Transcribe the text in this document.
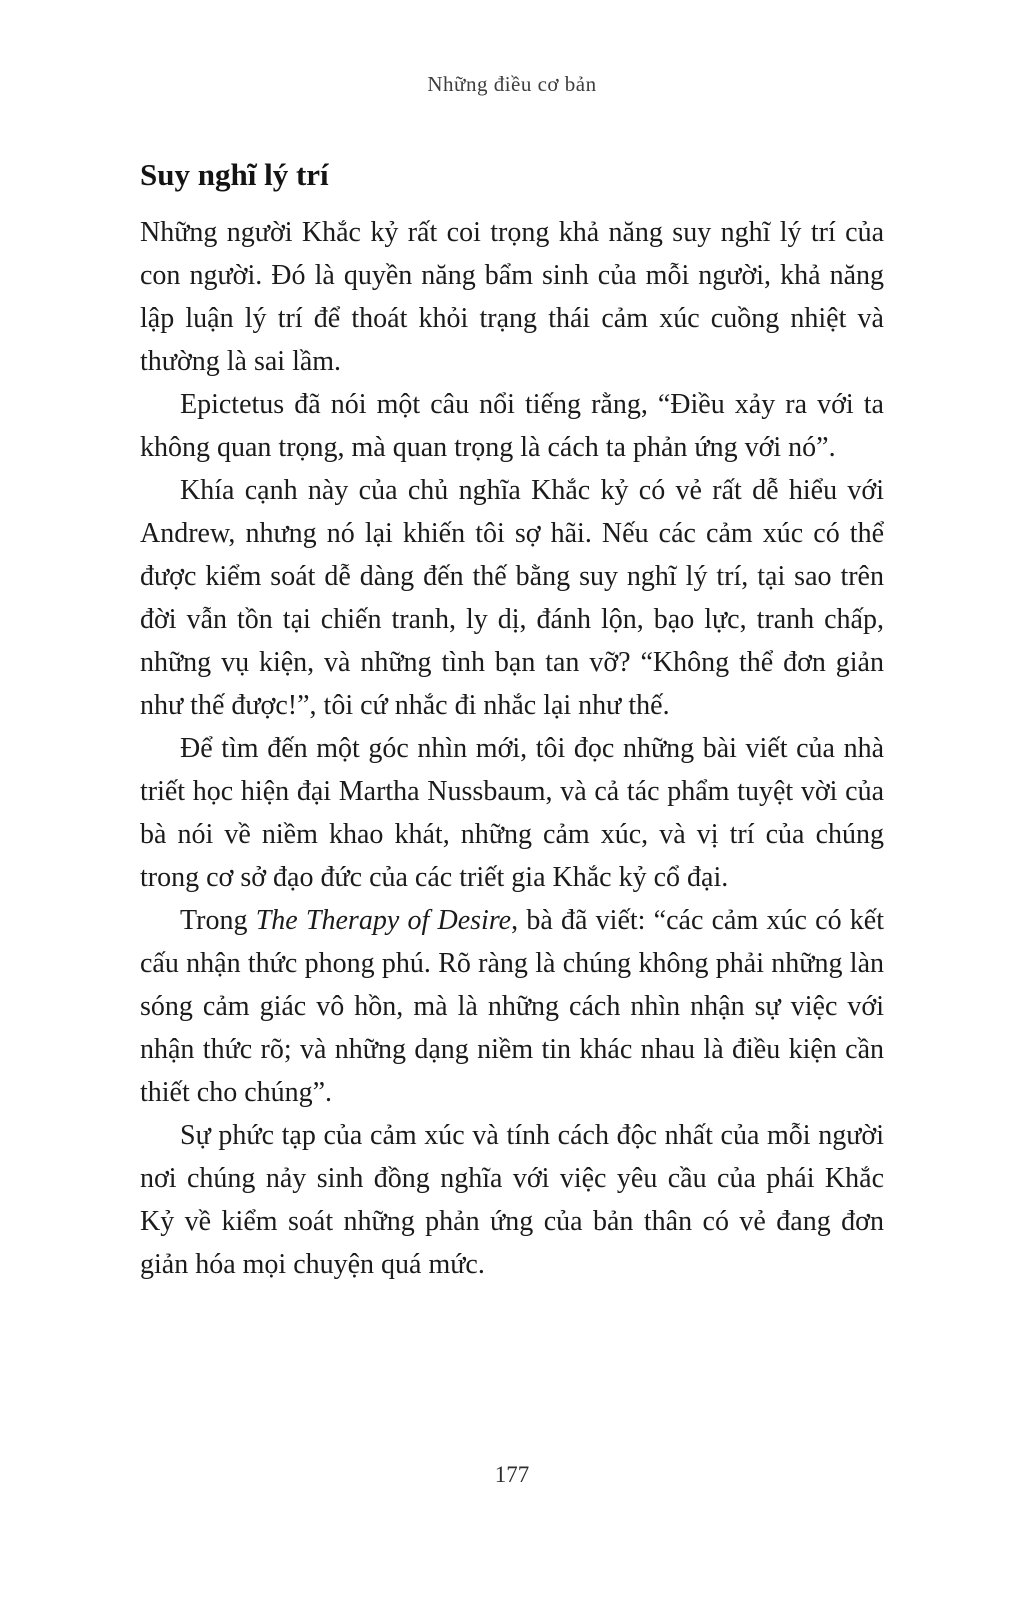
Những điều cơ bản
Suy nghĩ lý trí

Những người Khắc kỷ rất coi trọng khả năng suy nghĩ lý trí của con người. Đó là quyền năng bẩm sinh của mỗi người, khả năng lập luận lý trí để thoát khỏi trạng thái cảm xúc cuồng nhiệt và thường là sai lầm.

Epictetus đã nói một câu nổi tiếng rằng, “Điều xảy ra với ta không quan trọng, mà quan trọng là cách ta phản ứng với nó”.

Khía cạnh này của chủ nghĩa Khắc kỷ có vẻ rất dễ hiểu với Andrew, nhưng nó lại khiến tôi sợ hãi. Nếu các cảm xúc có thể được kiểm soát dễ dàng đến thế bằng suy nghĩ lý trí, tại sao trên đời vẫn tồn tại chiến tranh, ly dị, đánh lộn, bạo lực, tranh chấp, những vụ kiện, và những tình bạn tan vỡ? “Không thể đơn giản như thế được!”, tôi cứ nhắc đi nhắc lại như thế.

Để tìm đến một góc nhìn mới, tôi đọc những bài viết của nhà triết học hiện đại Martha Nussbaum, và cả tác phẩm tuyệt vời của bà nói về niềm khao khát, những cảm xúc, và vị trí của chúng trong cơ sở đạo đức của các triết gia Khắc kỷ cổ đại.

Trong The Therapy of Desire, bà đã viết: “các cảm xúc có kết cấu nhận thức phong phú. Rõ ràng là chúng không phải những làn sóng cảm giác vô hồn, mà là những cách nhìn nhận sự việc với nhận thức rõ; và những dạng niềm tin khác nhau là điều kiện cần thiết cho chúng”.

Sự phức tạp của cảm xúc và tính cách độc nhất của mỗi người nơi chúng nảy sinh đồng nghĩa với việc yêu cầu của phái Khắc Kỷ về kiểm soát những phản ứng của bản thân có vẻ đang đơn giản hóa mọi chuyện quá mức.

177
